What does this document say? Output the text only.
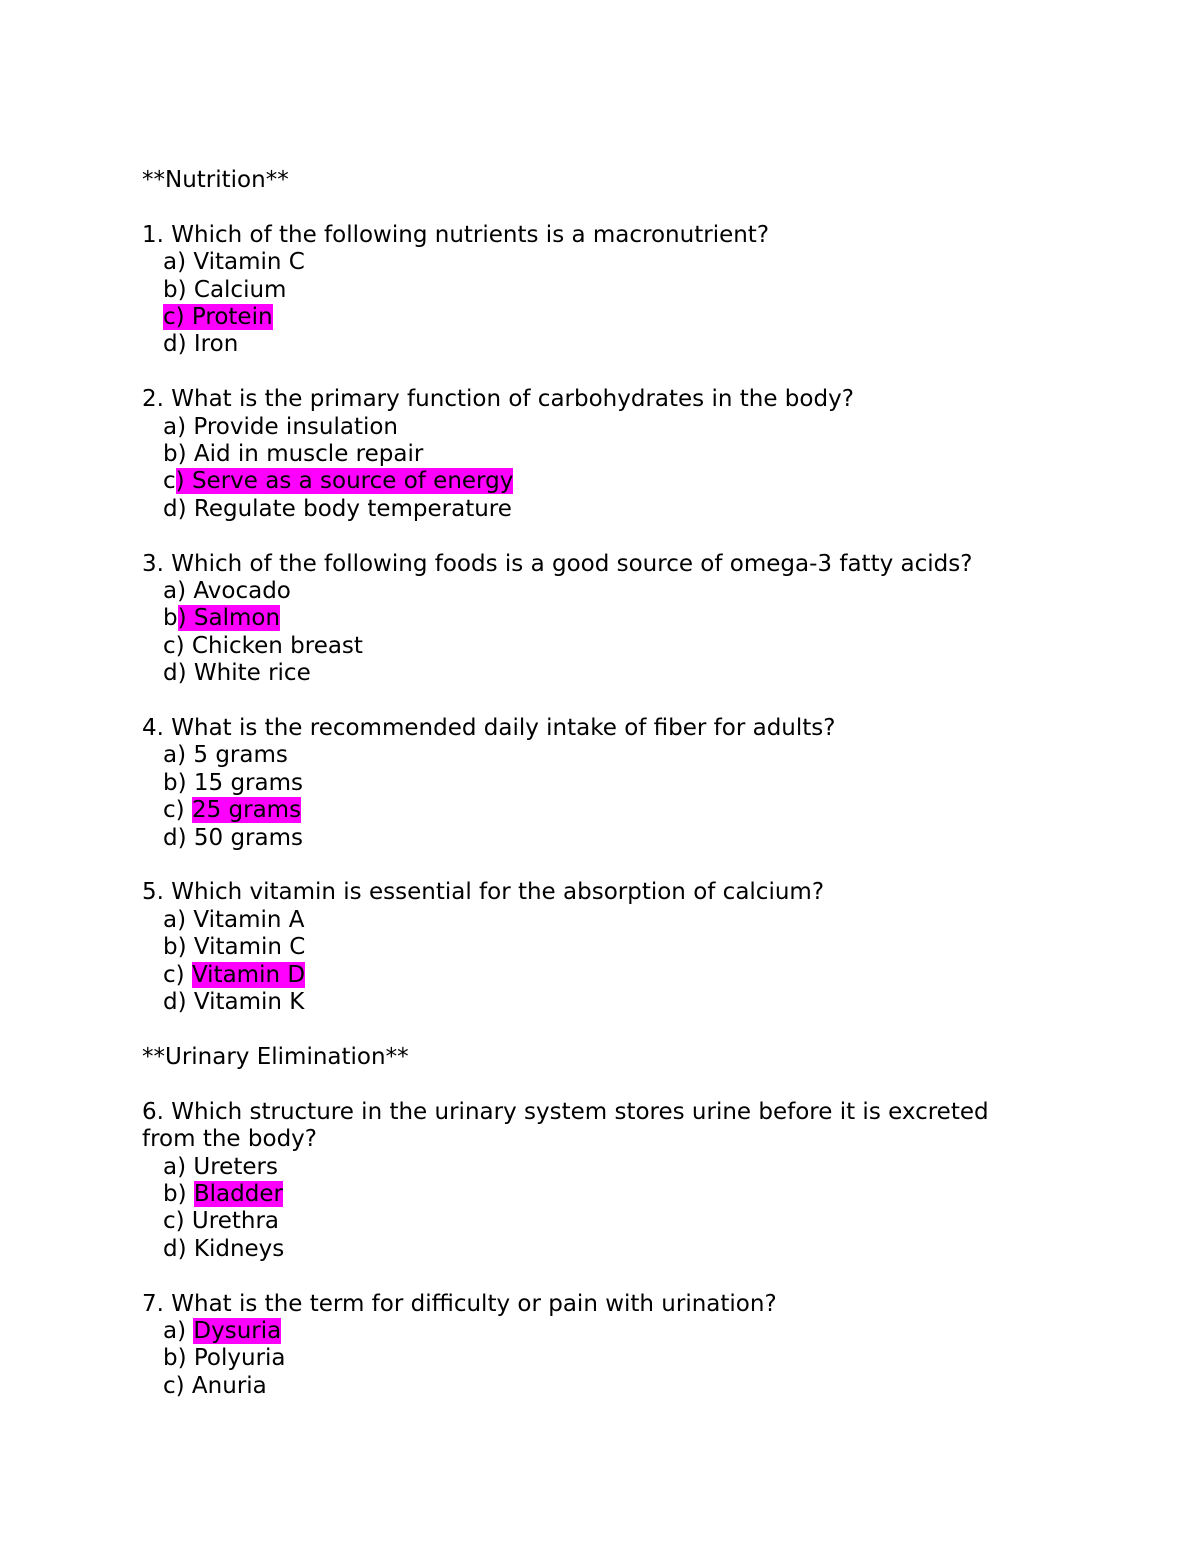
**Nutrition**
1. Which of the following nutrients is a macronutrient?
a) Vitamin C
b) Calcium
c) Protein
d) Iron
2. What is the primary function of carbohydrates in the body?
a) Provide insulation
b) Aid in muscle repair
c) Serve as a source of energy
d) Regulate body temperature
3. Which of the following foods is a good source of omega-3 fatty acids?
a) Avocado
b) Salmon
c) Chicken breast
d) White rice
4. What is the recommended daily intake of fiber for adults?
a) 5 grams
b) 15 grams
c) 25 grams
d) 50 grams
5. Which vitamin is essential for the absorption of calcium?
a) Vitamin A
b) Vitamin C
c) Vitamin D
d) Vitamin K
**Urinary Elimination**
6. Which structure in the urinary system stores urine before it is excreted from the body?
a) Ureters
b) Bladder
c) Urethra
d) Kidneys
7. What is the term for difficulty or pain with urination?
a) Dysuria
b) Polyuria
c) Anuria
